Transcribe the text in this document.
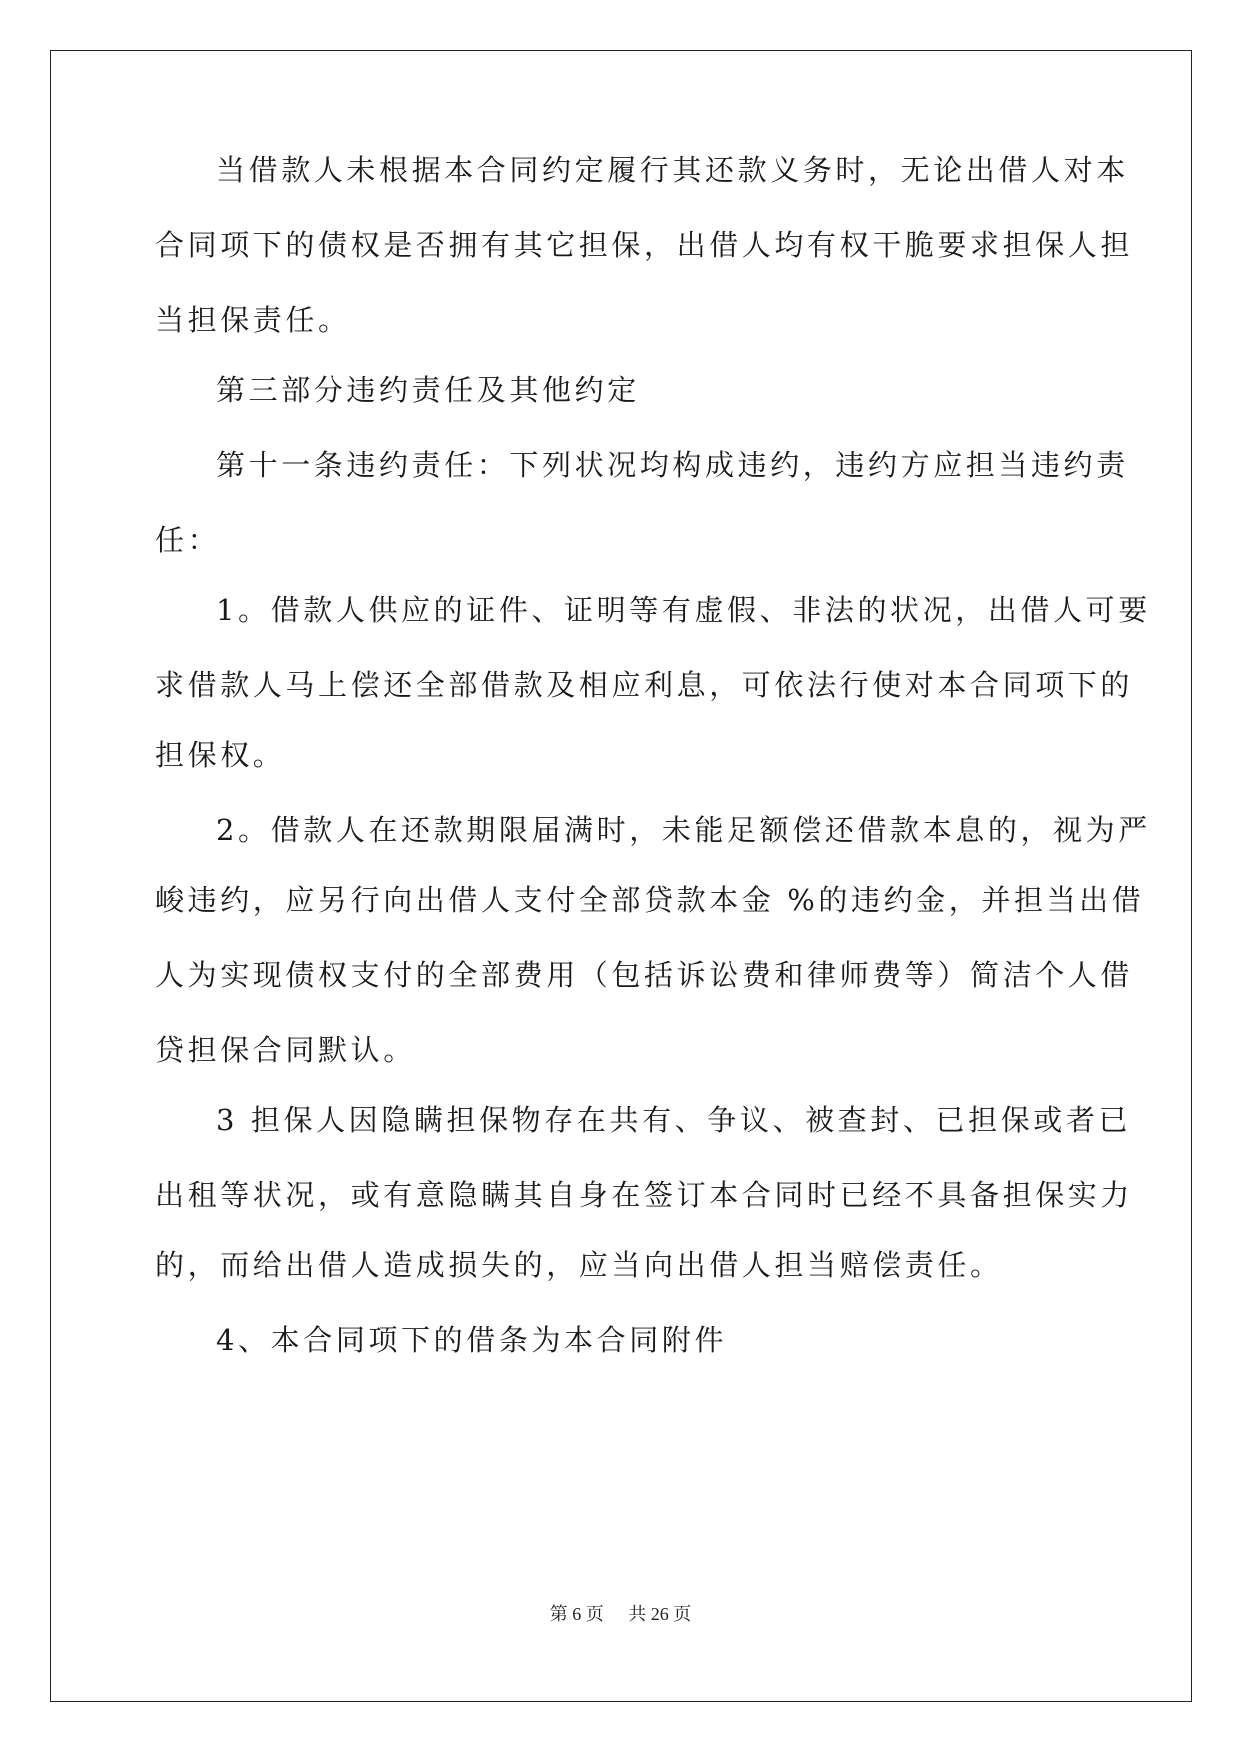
当借款人未根据本合同约定履行其还款义务时，无论出借人对本
合同项下的债权是否拥有其它担保，出借人均有权干脆要求担保人担
当担保责任。
第三部分违约责任及其他约定
第十一条违约责任：下列状况均构成违约，违约方应担当违约责
任：
1。借款人供应的证件、证明等有虚假、非法的状况，出借人可要
求借款人马上偿还全部借款及相应利息，可依法行使对本合同项下的
担保权。
2。借款人在还款期限届满时，未能足额偿还借款本息的，视为严
峻违约，应另行向出借人支付全部贷款本金 %的违约金，并担当出借
人为实现债权支付的全部费用（包括诉讼费和律师费等）简洁个人借
贷担保合同默认。
3 担保人因隐瞒担保物存在共有、争议、被查封、已担保或者已
出租等状况，或有意隐瞒其自身在签订本合同时已经不具备担保实力
的，而给出借人造成损失的，应当向出借人担当赔偿责任。
4、本合同项下的借条为本合同附件
第 6 页 共 26 页
